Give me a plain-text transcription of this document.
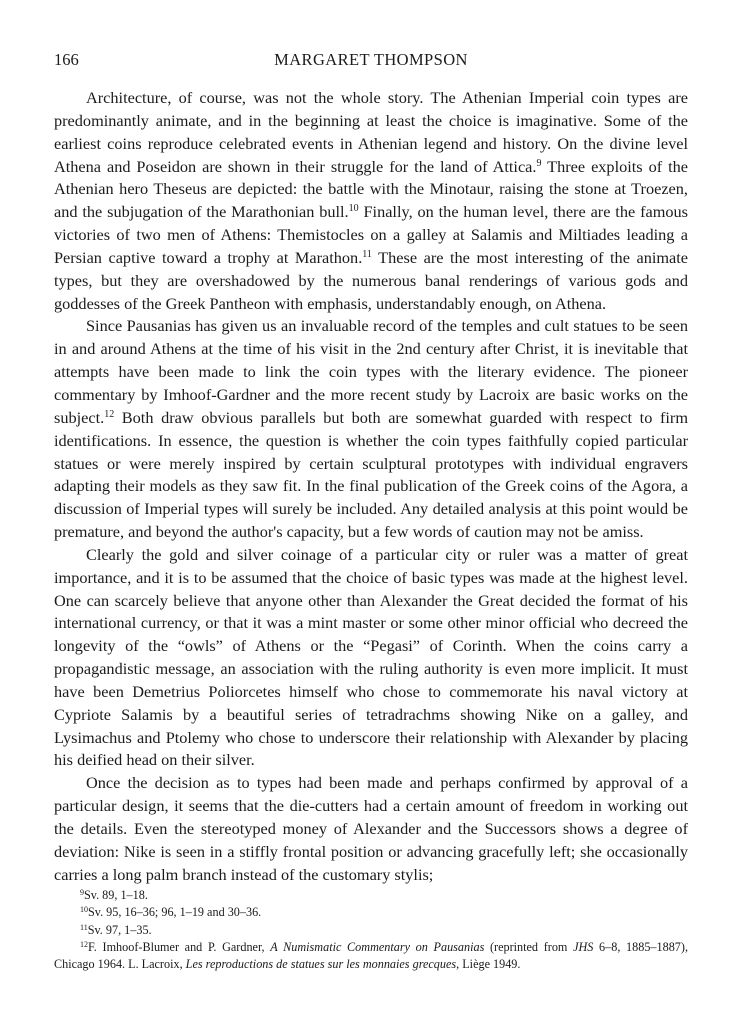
MARGARET THOMPSON
166

Architecture, of course, was not the whole story. The Athenian Imperial coin types are predominantly animate, and in the beginning at least the choice is imaginative. Some of the earliest coins reproduce celebrated events in Athenian legend and history. On the divine level Athena and Poseidon are shown in their struggle for the land of Attica.$^9$ Three exploits of the Athenian hero Theseus are depicted: the battle with the Minotaur, raising the stone at Troezen, and the subjugation of the Marathonian bull.$^{10}$ Finally, on the human level, there are the famous victories of two men of Athens: Themistocles on a galley at Salamis and Miltiades leading a Persian captive toward a trophy at Marathon.$^{11}$ These are the most interesting of the animate types, but they are overshadowed by the numerous banal renderings of various gods and goddesses of the Greek Pantheon with emphasis, understandably enough, on Athena.

Since Pausanias has given us an invaluable record of the temples and cult statues to be seen in and around Athens at the time of his visit in the 2nd century after Christ, it is inevitable that attempts have been made to link the coin types with the literary evidence. The pioneer commentary by Imhoof-Gardner and the more recent study by Lacroix are basic works on the subject.$^{12}$ Both draw obvious parallels but both are somewhat guarded with respect to firm identifications. In essence, the question is whether the coin types faithfully copied particular statues or were merely inspired by certain sculptural prototypes with individual engravers adapting their models as they saw fit. In the final publication of the Greek coins of the Agora, a discussion of Imperial types will surely be included. Any detailed analysis at this point would be premature, and beyond the author's capacity, but a few words of caution may not be amiss.

Clearly the gold and silver coinage of a particular city or ruler was a matter of great importance, and it is to be assumed that the choice of basic types was made at the highest level. One can scarcely believe that anyone other than Alexander the Great decided the format of his international currency, or that it was a mint master or some other minor official who decreed the longevity of the “owls” of Athens or the “Pegasi” of Corinth. When the coins carry a propagandistic message, an association with the ruling authority is even more implicit. It must have been Demetrius Poliorcetes himself who chose to commemorate his naval victory at Cypriote Salamis by a beautiful series of tetradrachms showing Nike on a galley, and Lysimachus and Ptolemy who chose to underscore their relationship with Alexander by placing his deified head on their silver.

Once the decision as to types had been made and perhaps confirmed by approval of a particular design, it seems that the die-cutters had a certain amount of freedom in working out the details. Even the stereotyped money of Alexander and the Successors shows a degree of deviation: Nike is seen in a stiffly frontal position or advancing gracefully left; she occasionally carries a long palm branch instead of the customary stylis;

$^9$Sv. 89, 1–18.

$^{10}$Sv. 95, 16–36; 96, 1–19 and 30–36.

$^{11}$Sv. 97, 1–35.

$^{12}$F. Imhoof-Blumer and P. Gardner, A Numismatic Commentary on Pausanias (reprinted from JHS 6–8, 1885–1887), Chicago 1964. L. Lacroix, Les reproductions de statues sur les monnaies grecques, Liège 1949.
